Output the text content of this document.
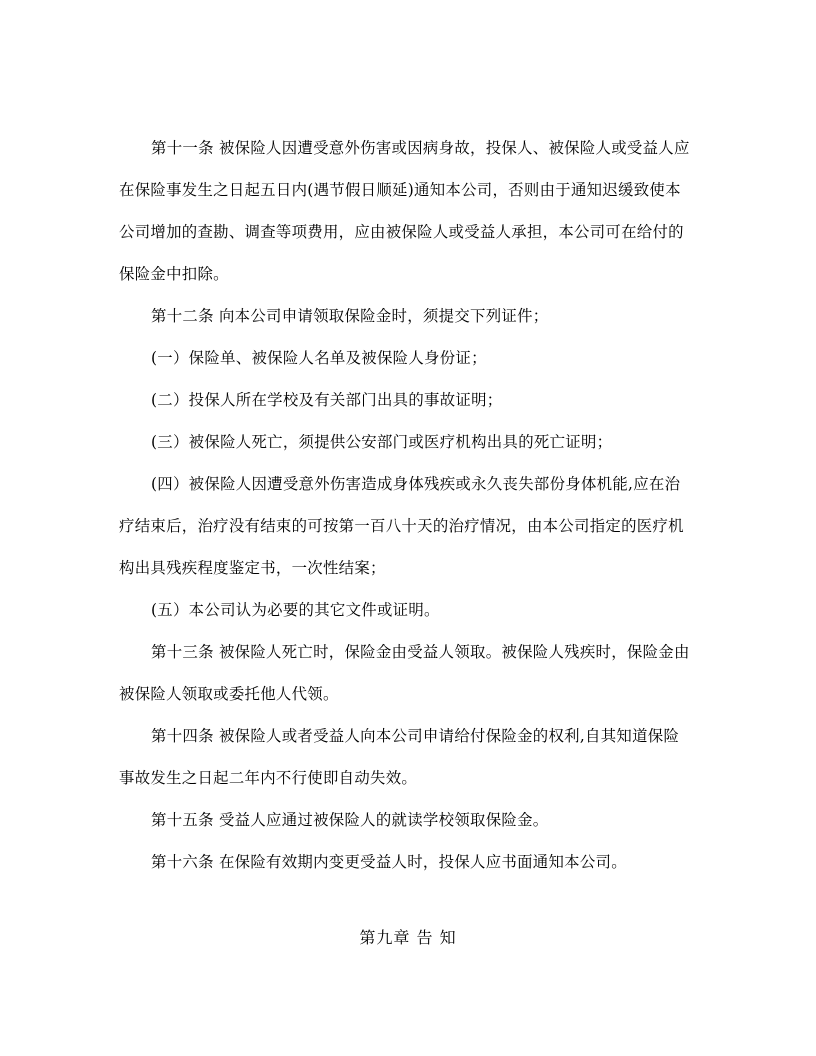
第十一条 被保险人因遭受意外伤害或因病身故，投保人、被保险人或受益人应
在保险事发生之日起五日内(遇节假日顺延)通知本公司，否则由于通知迟缓致使本
公司增加的查勘、调查等项费用，应由被保险人或受益人承担，本公司可在给付的
保险金中扣除。

第十二条 向本公司申请领取保险金时，须提交下列证件；

(一）保险单、被保险人名单及被保险人身份证；

(二）投保人所在学校及有关部门出具的事故证明；

(三）被保险人死亡，须提供公安部门或医疗机构出具的死亡证明；

(四）被保险人因遭受意外伤害造成身体残疾或永久丧失部份身体机能,应在治
疗结束后，治疗没有结束的可按第一百八十天的治疗情况，由本公司指定的医疗机
构出具残疾程度鉴定书，一次性结案；

(五）本公司认为必要的其它文件或证明。

第十三条 被保险人死亡时，保险金由受益人领取。被保险人残疾时，保险金由
被保险人领取或委托他人代领。

第十四条 被保险人或者受益人向本公司申请给付保险金的权利,自其知道保险
事故发生之日起二年内不行使即自动失效。

第十五条 受益人应通过被保险人的就读学校领取保险金。

第十六条 在保险有效期内变更受益人时，投保人应书面通知本公司。

第九章 告 知
